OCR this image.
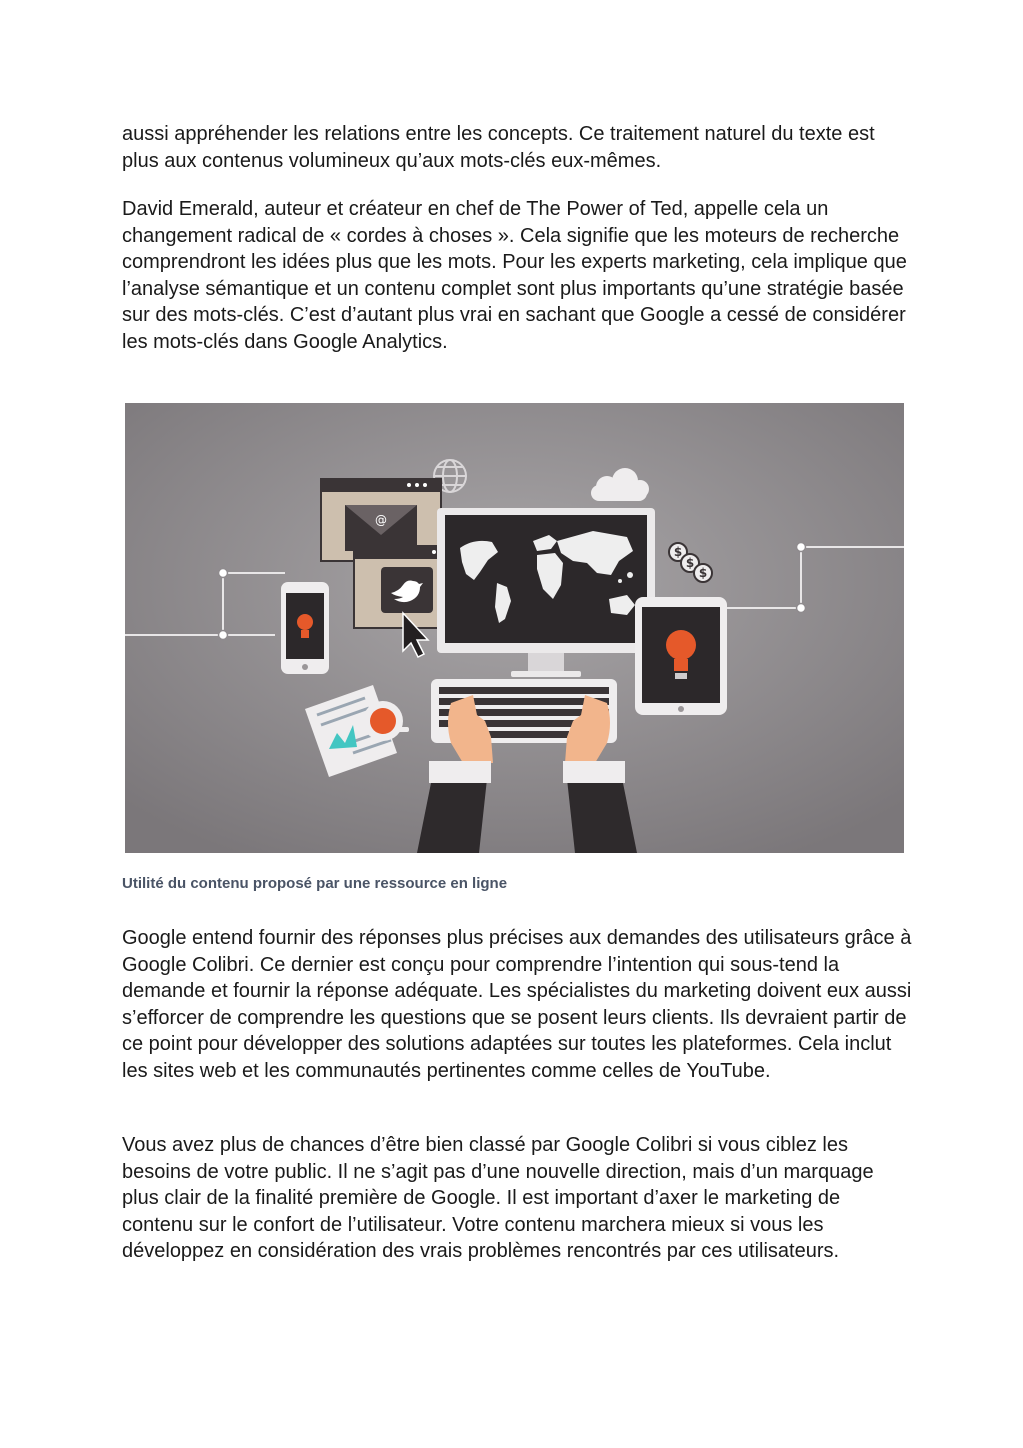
aussi appréhender les relations entre les concepts. Ce traitement naturel du texte est plus aux contenus volumineux qu’aux mots-clés eux-mêmes.

David Emerald, auteur et créateur en chef de The Power of Ted, appelle cela un changement radical de « cordes à choses ». Cela signifie que les moteurs de recherche comprendront les idées plus que les mots. Pour les experts marketing, cela implique que l’analyse sémantique et un contenu complet sont plus importants qu’une stratégie basée sur des mots-clés. C’est d’autant plus vrai en sachant que Google a cessé de considérer les mots-clés dans Google Analytics.

@
$
$
$

Utilité du contenu proposé par une ressource en ligne

Google entend fournir des réponses plus précises aux demandes des utilisateurs grâce à Google Colibri. Ce dernier est conçu pour comprendre l’intention qui sous-tend la demande et fournir la réponse adéquate. Les spécialistes du marketing doivent eux aussi s’efforcer de comprendre les questions que se posent leurs clients. Ils devraient partir de ce point pour développer des solutions adaptées sur toutes les plateformes. Cela inclut les sites web et les communautés pertinentes comme celles de YouTube.

Vous avez plus de chances d’être bien classé par Google Colibri si vous ciblez les besoins de votre public. Il ne s’agit pas d’une nouvelle direction, mais d’un marquage plus clair de la finalité première de Google. Il est important d’axer le marketing de contenu sur le confort de l’utilisateur. Votre contenu marchera mieux si vous les développez en considération des vrais problèmes rencontrés par ces utilisateurs.
